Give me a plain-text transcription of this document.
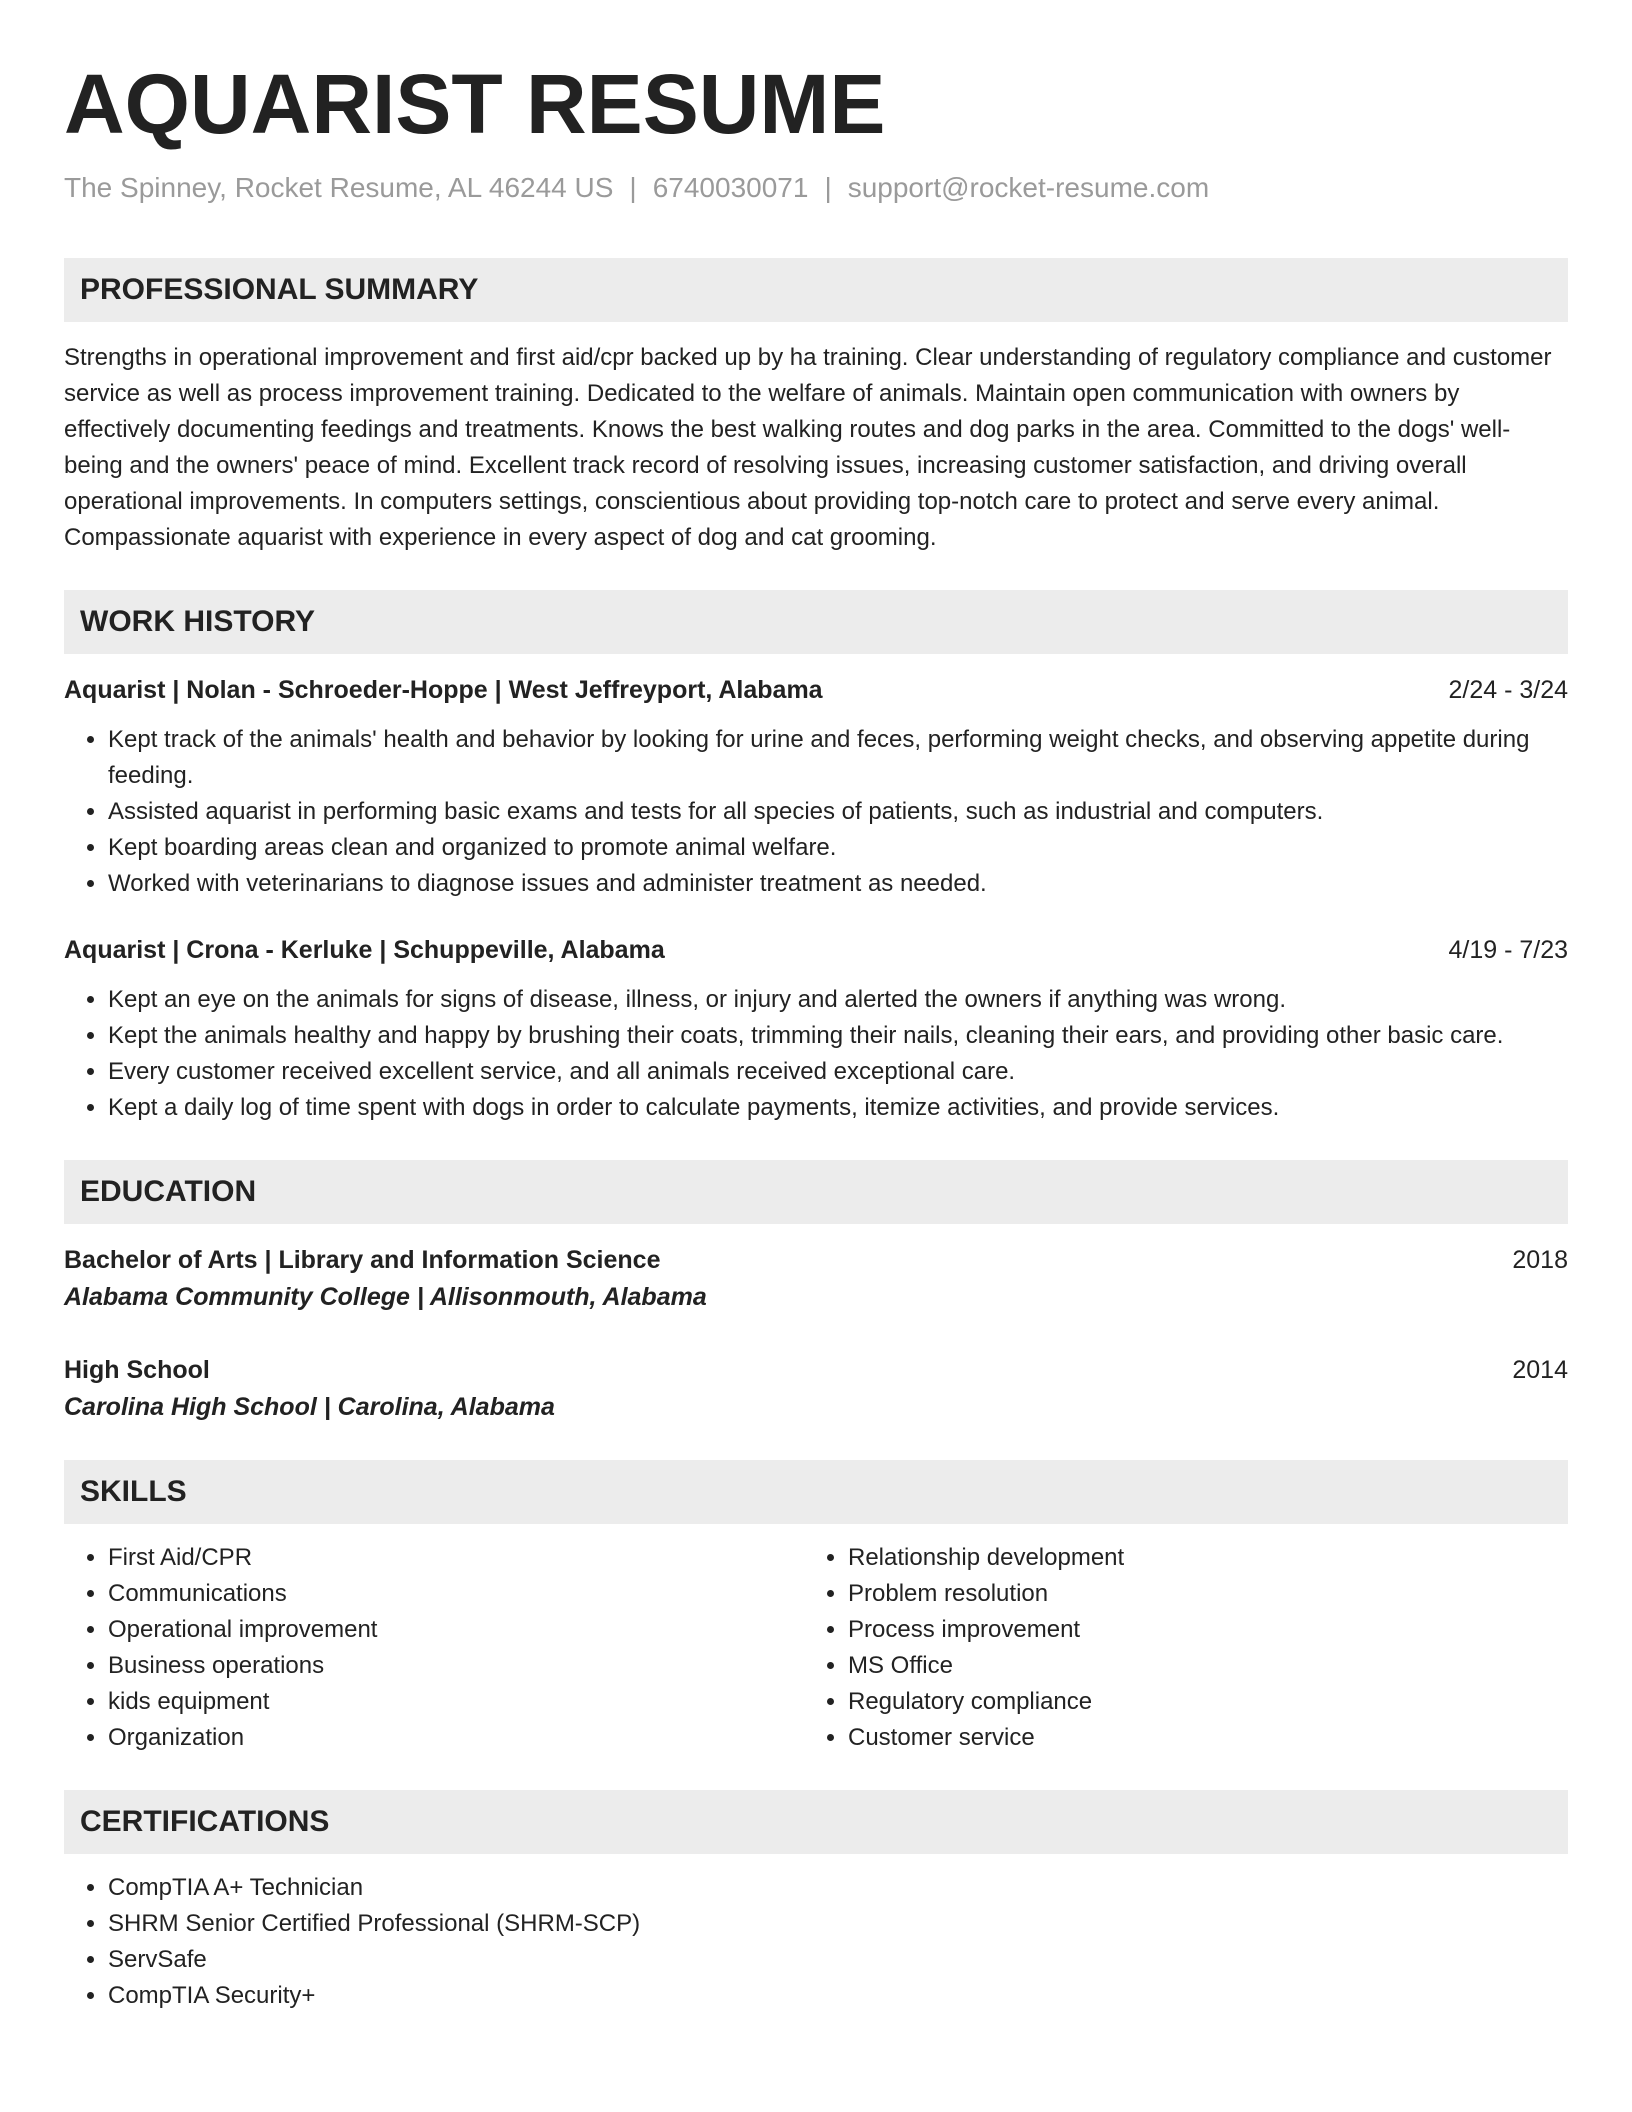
AQUARIST RESUME
The Spinney, Rocket Resume, AL 46244 US | 6740030071 | support@rocket-resume.com
PROFESSIONAL SUMMARY

Strengths in operational improvement and first aid/cpr backed up by ha training. Clear understanding of regulatory compliance and customer service as well as process improvement training. Dedicated to the welfare of animals. Maintain open communication with owners by effectively documenting feedings and treatments. Knows the best walking routes and dog parks in the area. Committed to the dogs' well-being and the owners' peace of mind. Excellent track record of resolving issues, increasing customer satisfaction, and driving overall operational improvements. In computers settings, conscientious about providing top-notch care to protect and serve every animal. Compassionate aquarist with experience in every aspect of dog and cat grooming.

WORK HISTORY
Aquarist | Nolan - Schroeder-Hoppe | West Jeffreyport, Alabama	2/24 - 3/24
• Kept track of the animals' health and behavior by looking for urine and feces, performing weight checks, and observing appetite during feeding.
• Assisted aquarist in performing basic exams and tests for all species of patients, such as industrial and computers.
• Kept boarding areas clean and organized to promote animal welfare.
• Worked with veterinarians to diagnose issues and administer treatment as needed.
Aquarist | Crona - Kerluke | Schuppeville, Alabama	4/19 - 7/23
• Kept an eye on the animals for signs of disease, illness, or injury and alerted the owners if anything was wrong.
• Kept the animals healthy and happy by brushing their coats, trimming their nails, cleaning their ears, and providing other basic care.
• Every customer received excellent service, and all animals received exceptional care.
• Kept a daily log of time spent with dogs in order to calculate payments, itemize activities, and provide services.
EDUCATION
Bachelor of Arts | Library and Information Science	2018
Alabama Community College | Allisonmouth, Alabama
High School	2014
Carolina High School | Carolina, Alabama
SKILLS
• First Aid/CPR
• Communications
• Operational improvement
• Business operations
• kids equipment
• Organization
• Relationship development
• Problem resolution
• Process improvement
• MS Office
• Regulatory compliance
• Customer service
CERTIFICATIONS
• CompTIA A+ Technician
• SHRM Senior Certified Professional (SHRM-SCP)
• ServSafe
• CompTIA Security+
